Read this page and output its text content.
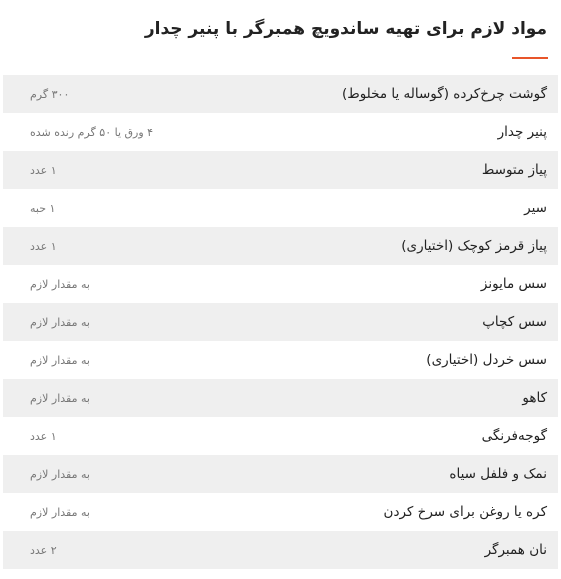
مواد لازم برای تهیه ساندویچ همبرگر با پنیر چدار
گوشت چرخ‌کرده (گوساله یا مخلوط)
۳۰۰ گرم
پنیر چدار
۴ ورق یا ۵۰ گرم رنده شده
پیاز متوسط
۱ عدد
سیر
۱ حبه
پیاز قرمز کوچک (اختیاری)
۱ عدد
سس مایونز
به مقدار لازم
سس کچاپ
به مقدار لازم
سس خردل (اختیاری)
به مقدار لازم
کاهو
به مقدار لازم
گوجه‌فرنگی
۱ عدد
نمک و فلفل سیاه
به مقدار لازم
کره یا روغن برای سرخ کردن
به مقدار لازم
نان همبرگر
۲ عدد
